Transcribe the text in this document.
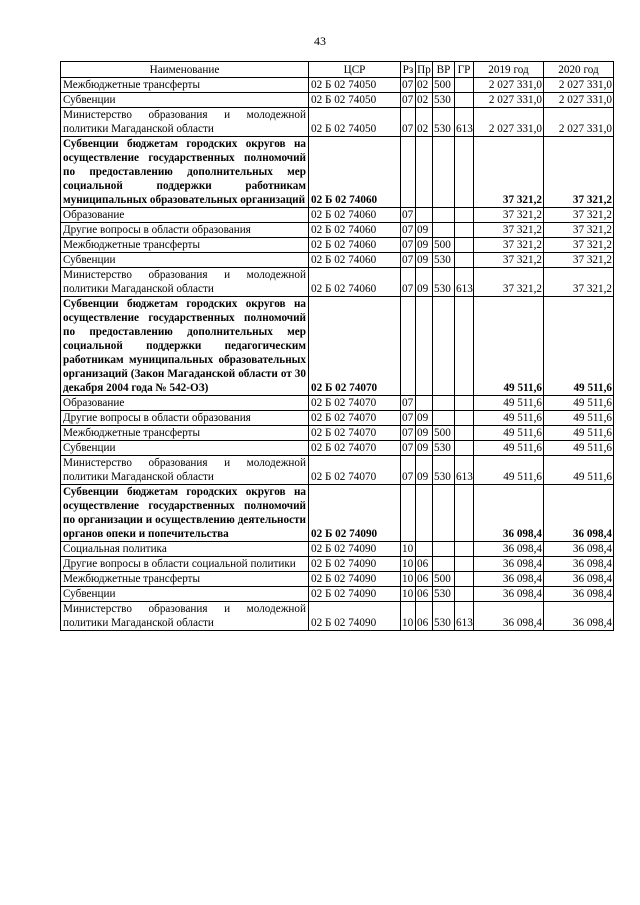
43
Наименование	ЦСР	Рз	Пр	ВР	ГР	2019 год	2020 год
Межбюджетные трансферты	02 Б 02 74050	07	02	500		2 027 331,0	2 027 331,0
Субвенции	02 Б 02 74050	07	02	530		2 027 331,0	2 027 331,0
Министерство образования и молодежной политики Магаданской области	02 Б 02 74050	07	02	530	613	2 027 331,0	2 027 331,0
Субвенции бюджетам городских округов на осуществление государственных полномочий по предоставлению дополнительных мер социальной поддержки работникам муниципальных образовательных организаций	02 Б 02 74060					37 321,2	37 321,2
Образование	02 Б 02 74060	07				37 321,2	37 321,2
Другие вопросы в области образования	02 Б 02 74060	07	09			37 321,2	37 321,2
Межбюджетные трансферты	02 Б 02 74060	07	09	500		37 321,2	37 321,2
Субвенции	02 Б 02 74060	07	09	530		37 321,2	37 321,2
Министерство образования и молодежной политики Магаданской области	02 Б 02 74060	07	09	530	613	37 321,2	37 321,2
Субвенции бюджетам городских округов на осуществление государственных полномочий по предоставлению дополнительных мер социальной поддержки педагогическим работникам муниципальных образовательных организаций (Закон Магаданской области от 30 декабря 2004 года № 542-ОЗ)	02 Б 02 74070					49 511,6	49 511,6
Образование	02 Б 02 74070	07				49 511,6	49 511,6
Другие вопросы в области образования	02 Б 02 74070	07	09			49 511,6	49 511,6
Межбюджетные трансферты	02 Б 02 74070	07	09	500		49 511,6	49 511,6
Субвенции	02 Б 02 74070	07	09	530		49 511,6	49 511,6
Министерство образования и молодежной политики Магаданской области	02 Б 02 74070	07	09	530	613	49 511,6	49 511,6
Субвенции бюджетам городских округов на осуществление государственных полномочий по организации и осуществлению деятельности органов опеки и попечительства	02 Б 02 74090					36 098,4	36 098,4
Социальная политика	02 Б 02 74090	10				36 098,4	36 098,4
Другие вопросы в области социальной политики	02 Б 02 74090	10	06			36 098,4	36 098,4
Межбюджетные трансферты	02 Б 02 74090	10	06	500		36 098,4	36 098,4
Субвенции	02 Б 02 74090	10	06	530		36 098,4	36 098,4
Министерство образования и молодежной политики Магаданской области	02 Б 02 74090	10	06	530	613	36 098,4	36 098,4
